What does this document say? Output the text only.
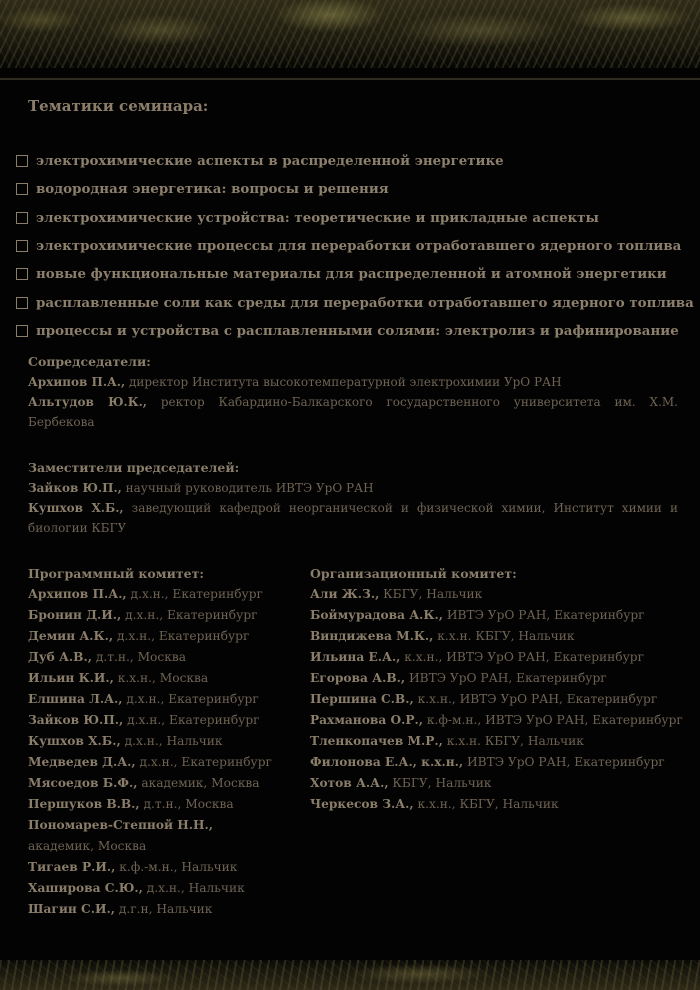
Тематики семинара:
электрохимические аспекты в распределенной энергетике
водородная энергетика: вопросы и решения
электрохимические устройства: теоретические и прикладные аспекты
электрохимические процессы для переработки отработавшего ядерного топлива
новые функциональные материалы для распределенной и атомной энергетики
расплавленные соли как среды для переработки отработавшего ядерного топлива
процессы и устройства с расплавленными солями: электролиз и рафинирование
Сопредседатели:
Архипов П.А., директор Института высокотемпературной электрохимии УрО РАН
Альтудов Ю.К., ректор Кабардино-Балкарского государственного университета им. Х.М.
Бербекова
Заместители председателей:
Зайков Ю.П., научный руководитель ИВТЭ УрО РАН
Кушхов Х.Б., заведующий кафедрой неорганической и физической химии, Институт химии и
биологии КБГУ
Программный комитет:
Архипов П.А., д.х.н., Екатеринбург
Бронин Д.И., д.х.н., Екатеринбург
Демин А.К., д.х.н., Екатеринбург
Дуб А.В., д.т.н., Москва
Ильин К.И., к.х.н., Москва
Елшина Л.А., д.х.н., Екатеринбург
Зайков Ю.П., д.х.н., Екатеринбург
Кушхов Х.Б., д.х.н., Нальчик
Медведев Д.А., д.х.н., Екатеринбург
Мясоедов Б.Ф., академик, Москва
Першуков В.В., д.т.н., Москва
Пономарев-Степной Н.Н.,
академик, Москва
Тигаев Р.И., к.ф.-м.н., Нальчик
Хаширова С.Ю., д.х.н., Нальчик
Шагин С.И., д.г.н, Нальчик
Организационный комитет:
Али Ж.З., КБГУ, Нальчик
Боймурадова А.К., ИВТЭ УрО РАН, Екатеринбург
Виндижева М.К., к.х.н. КБГУ, Нальчик
Ильина Е.А., к.х.н., ИВТЭ УрО РАН, Екатеринбург
Егорова А.В., ИВТЭ УрО РАН, Екатеринбург
Першина С.В., к.х.н., ИВТЭ УрО РАН, Екатеринбург
Рахманова О.Р., к.ф-м.н., ИВТЭ УрО РАН, Екатеринбург
Тленкопачев М.Р., к.х.н. КБГУ, Нальчик
Филонова Е.А., к.х.н., ИВТЭ УрО РАН, Екатеринбург
Хотов А.А., КБГУ, Нальчик
Черкесов З.А., к.х.н., КБГУ, Нальчик
